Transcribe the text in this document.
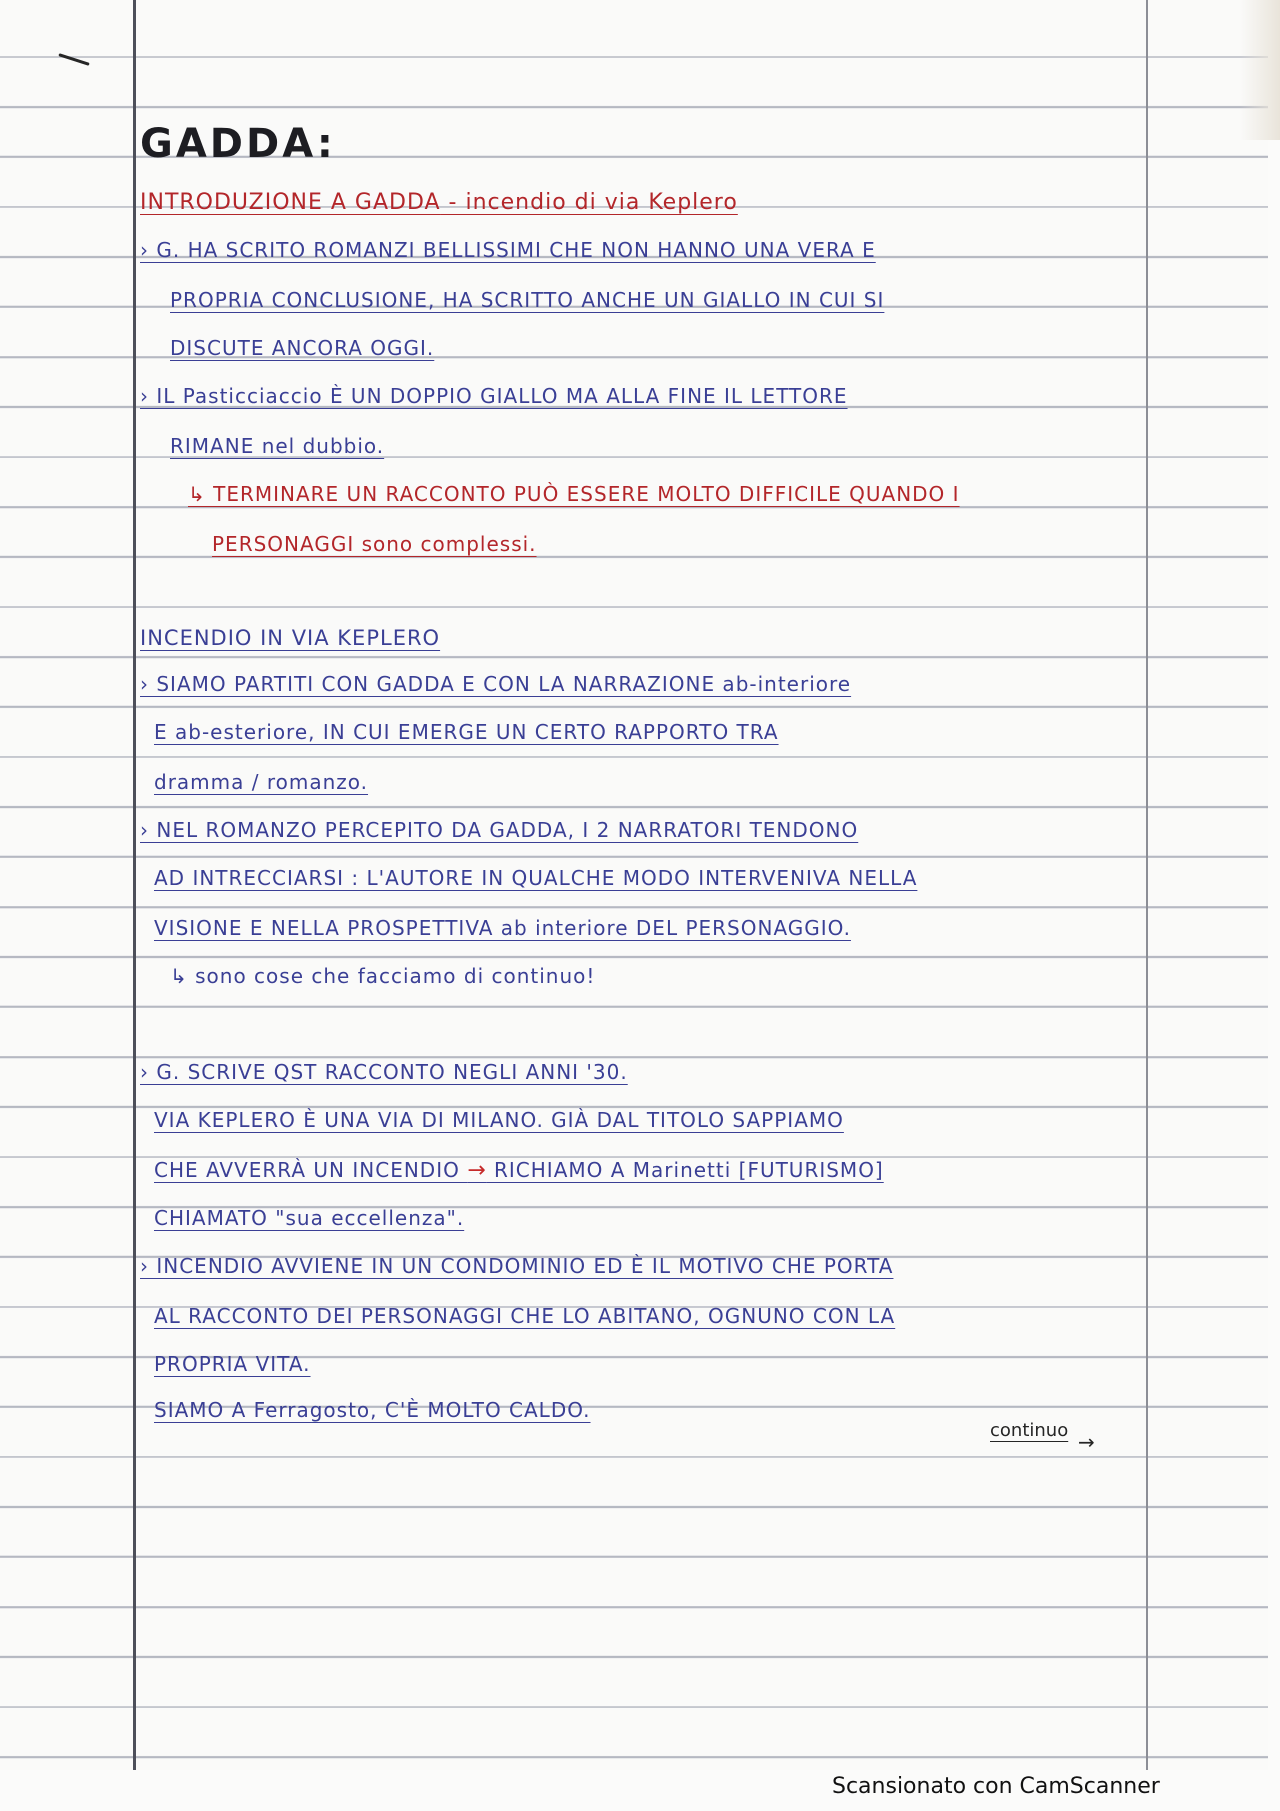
GADDA:
INTRODUZIONE A GADDA - incendio di via Keplero
› G. HA SCRITO ROMANZI BELLISSIMI CHE NON HANNO UNA VERA E
PROPRIA CONCLUSIONE, HA SCRITTO ANCHE UN GIALLO IN CUI SI
DISCUTE ANCORA OGGI.
› IL Pasticciaccio È UN DOPPIO GIALLO MA ALLA FINE IL LETTORE
RIMANE nel dubbio.
↳ TERMINARE UN RACCONTO PUÒ ESSERE MOLTO DIFFICILE QUANDO I
PERSONAGGI sono complessi.
INCENDIO IN VIA KEPLERO
› SIAMO PARTITI CON GADDA E CON LA NARRAZIONE ab-interiore
E ab-esteriore, IN CUI EMERGE UN CERTO RAPPORTO TRA
dramma / romanzo.
› NEL ROMANZO PERCEPITO DA GADDA, I 2 NARRATORI TENDONO
AD INTRECCIARSI : L'AUTORE IN QUALCHE MODO INTERVENIVA NELLA
VISIONE E NELLA PROSPETTIVA ab interiore DEL PERSONAGGIO.
↳ sono cose che facciamo di continuo!
› G. SCRIVE QST RACCONTO NEGLI ANNI '30.
VIA KEPLERO È UNA VIA DI MILANO. GIÀ DAL TITOLO SAPPIAMO
CHE AVVERRÀ UN INCENDIO → RICHIAMO A Marinetti [FUTURISMO]
CHIAMATO "sua eccellenza".
› INCENDIO AVVIENE IN UN CONDOMINIO ED È IL MOTIVO CHE PORTA
AL RACCONTO DEI PERSONAGGI CHE LO ABITANO, OGNUNO CON LA
PROPRIA VITA.
SIAMO A Ferragosto, C'È MOLTO CALDO.
continuo →
Scansionato con CamScanner
